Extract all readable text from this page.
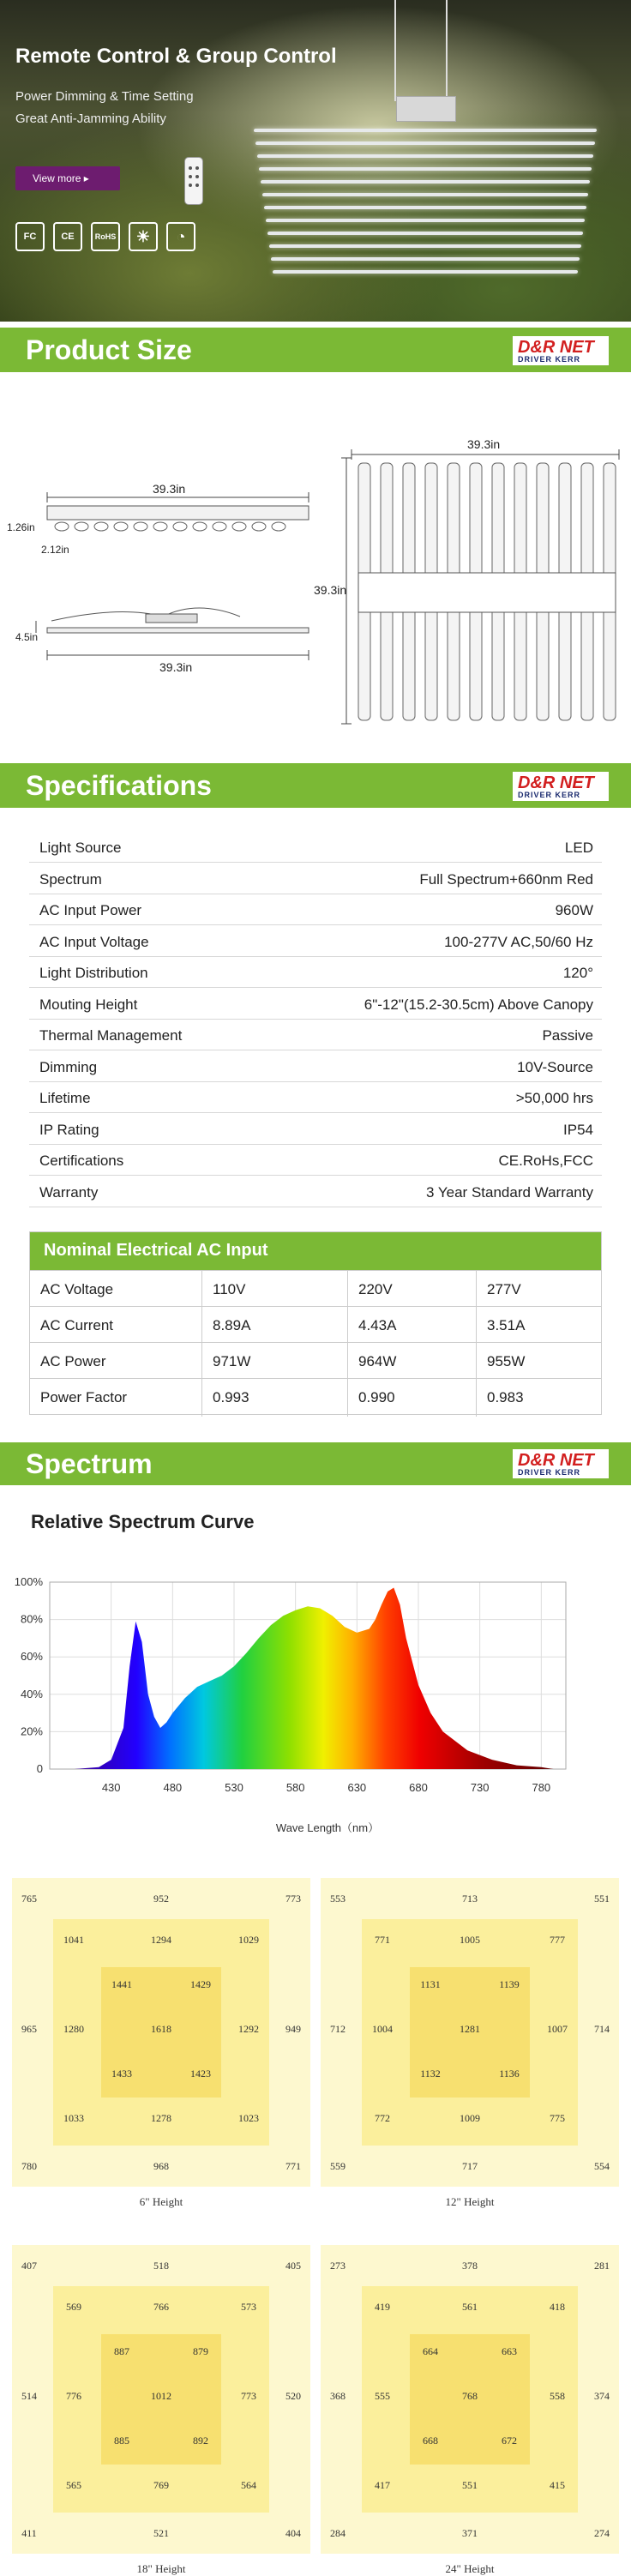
Remote Control & Group Control
Power Dimming & Time Setting
Great Anti-Jamming Ability
View more ▸
FC	CE	RoHS	☀	◔
Product Size	D&R NET
DRIVER KERR
39.3in
1.26in
2.12in
4.5in
39.3in
39.3in
39.3in
Specifications	D&R NET
DRIVER KERR
Light Source	LED
Spectrum	Full Spectrum+660nm Red
AC Input Power	960W
AC Input Voltage	100-277V AC,50/60 Hz
Light Distribution	120°
Mouting Height	6"-12"(15.2-30.5cm) Above Canopy
Thermal Management	Passive
Dimming	10V-Source
Lifetime	>50,000 hrs
IP Rating	IP54
Certifications	CE.RoHs,FCC
Warranty	3 Year Standard Warranty
Nominal Electrical AC Input
AC Voltage	110V	220V	277V
AC Current	8.89A	4.43A	3.51A
AC Power	971W	964W	955W
Power Factor	0.993	0.990	0.983
Spectrum	D&R NET
DRIVER KERR
Relative Spectrum Curve
0
20%
40%
60%
80%
100%
430	480	530	580	630	680	730	780
Wave Length（nm）
765	952	773
965	949
780	968	771
1041	1294	1029
1280	1292
1033	1278	1023
1441	1429
1618
1433	1423
6" Height
553	713	551
712	714
559	717	554
771	1005	777
1004	1007
772	1009	775
1131	1139
1281
1132	1136
12" Height
407	518	405
514	520
411	521	404
569	766	573
776	773
565	769	564
887	879
1012
885	892
18" Height
273	378	281
368	374
284	371	274
419	561	418
555	558
417	551	415
664	663
768
668	672
24" Height
